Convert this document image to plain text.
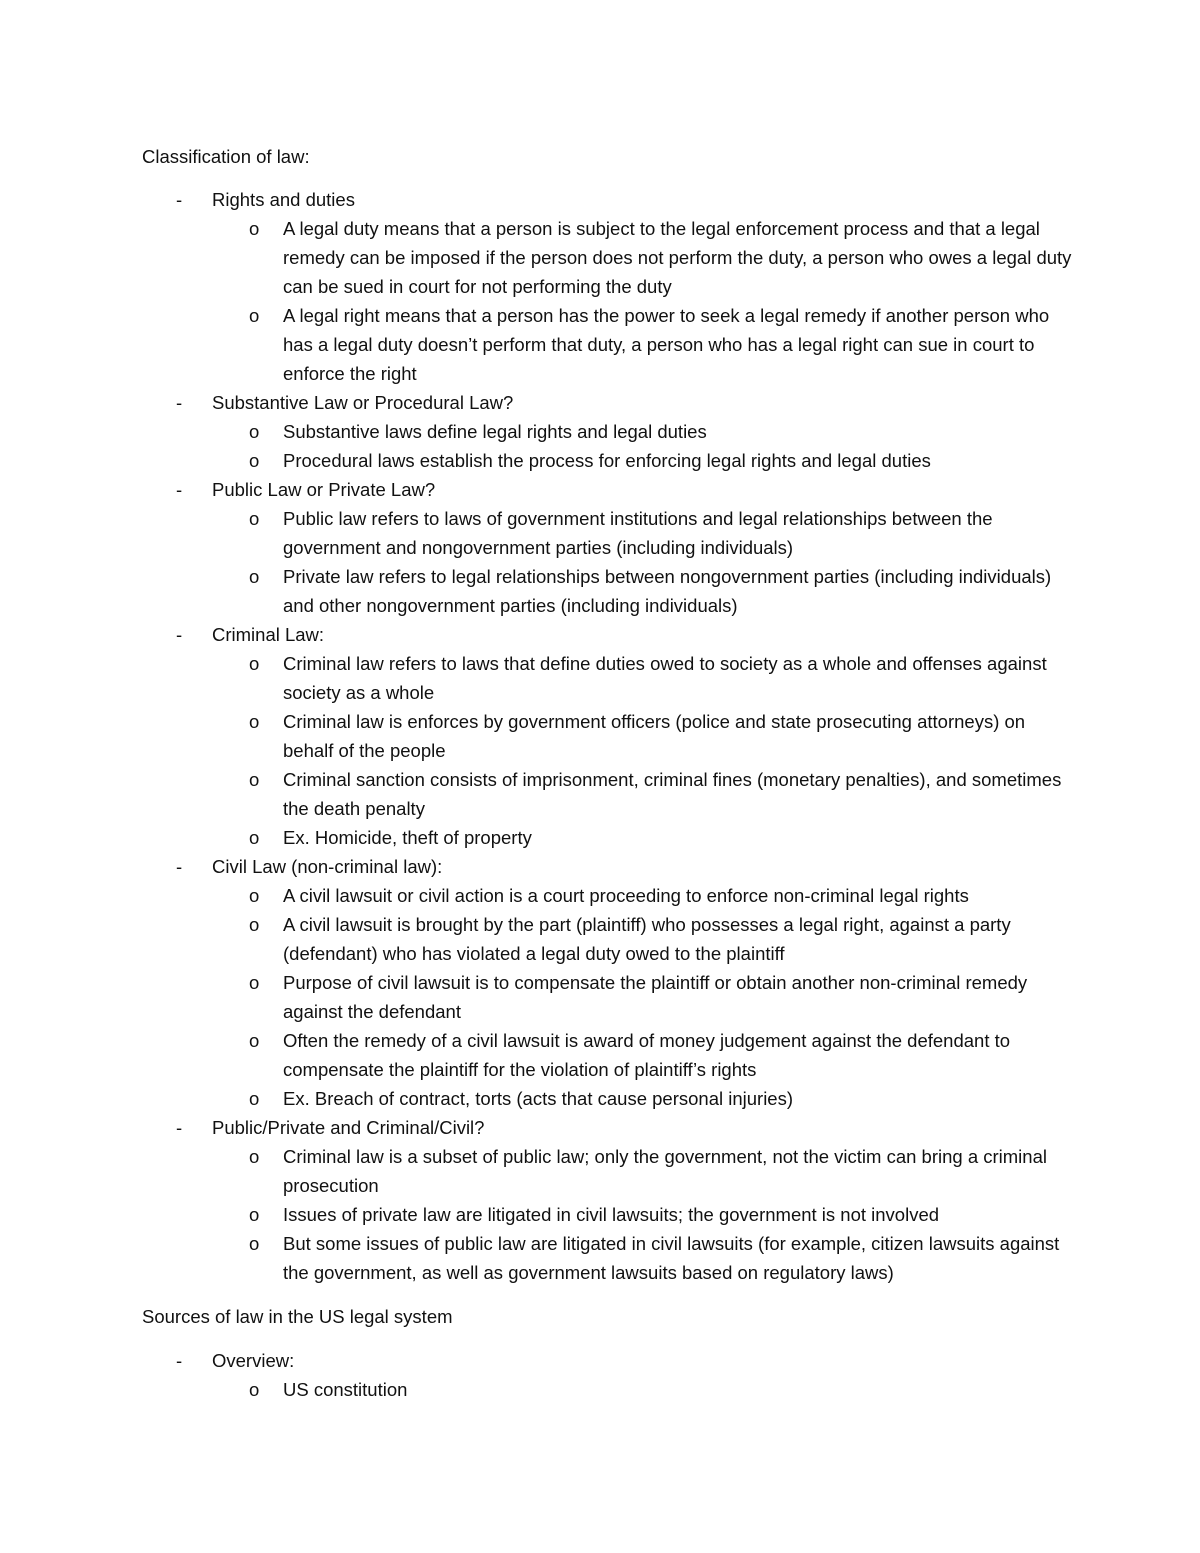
Classification of law:
- Rights and duties
o A legal duty means that a person is subject to the legal enforcement process and that a legal remedy can be imposed if the person does not perform the duty, a person who owes a legal duty can be sued in court for not performing the duty
o A legal right means that a person has the power to seek a legal remedy if another person who has a legal duty doesn’t perform that duty, a person who has a legal right can sue in court to enforce the right
- Substantive Law or Procedural Law?
o Substantive laws define legal rights and legal duties
o Procedural laws establish the process for enforcing legal rights and legal duties
- Public Law or Private Law?
o Public law refers to laws of government institutions and legal relationships between the government and nongovernment parties (including individuals)
o Private law refers to legal relationships between nongovernment parties (including individuals) and other nongovernment parties (including individuals)
- Criminal Law:
o Criminal law refers to laws that define duties owed to society as a whole and offenses against society as a whole
o Criminal law is enforces by government officers (police and state prosecuting attorneys) on behalf of the people
o Criminal sanction consists of imprisonment, criminal fines (monetary penalties), and sometimes the death penalty
o Ex. Homicide, theft of property
- Civil Law (non-criminal law):
o A civil lawsuit or civil action is a court proceeding to enforce non-criminal legal rights
o A civil lawsuit is brought by the part (plaintiff) who possesses a legal right, against a party (defendant) who has violated a legal duty owed to the plaintiff
o Purpose of civil lawsuit is to compensate the plaintiff or obtain another non-criminal remedy against the defendant
o Often the remedy of a civil lawsuit is award of money judgement against the defendant to compensate the plaintiff for the violation of plaintiff’s rights
o Ex. Breach of contract, torts (acts that cause personal injuries)
- Public/Private and Criminal/Civil?
o Criminal law is a subset of public law; only the government, not the victim can bring a criminal prosecution
o Issues of private law are litigated in civil lawsuits; the government is not involved
o But some issues of public law are litigated in civil lawsuits (for example, citizen lawsuits against the government, as well as government lawsuits based on regulatory laws)
Sources of law in the US legal system
- Overview:
o US constitution
